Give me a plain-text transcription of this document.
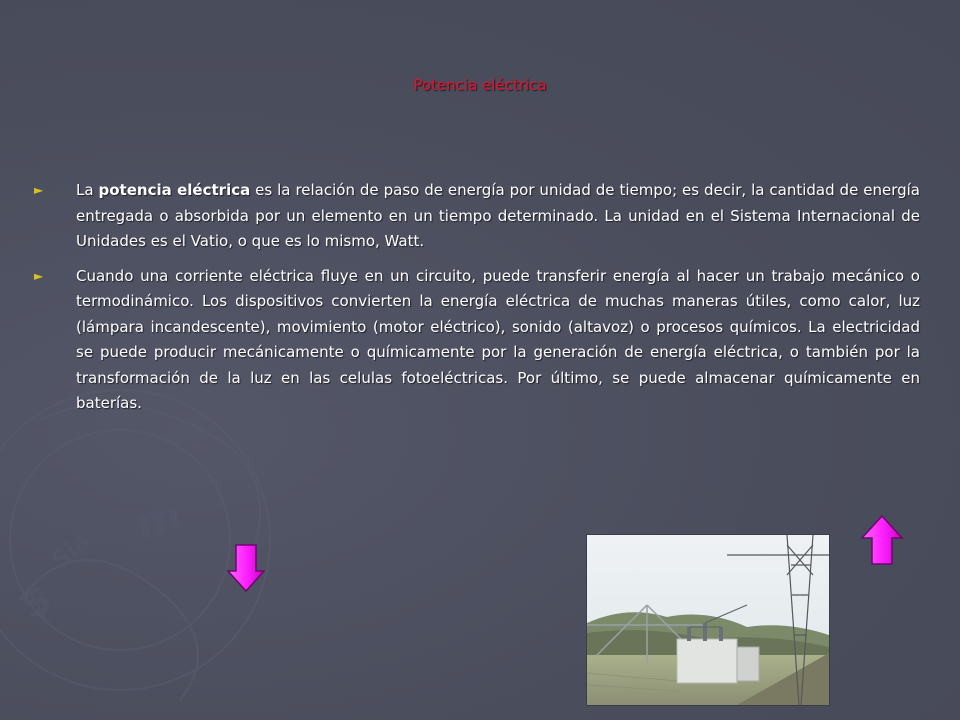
m
$
Sia
Potencia eléctrica
►	La potencia eléctrica es la relación de paso de energía por unidad de tiempo; es decir, la cantidad de energía entregada o absorbida por un elemento en un tiempo determinado. La unidad en el Sistema Internacional de Unidades es el Vatio, o que es lo mismo, Watt.
►	Cuando una corriente eléctrica fluye en un circuito, puede transferir energía al hacer un trabajo mecánico o termodinámico. Los dispositivos convierten la energía eléctrica de muchas maneras útiles, como calor, luz (lámpara incandescente), movimiento (motor eléctrico), sonido (altavoz) o procesos químicos. La electricidad se puede producir mecánicamente o químicamente por la generación de energía eléctrica, o también por la transformación de la luz en las celulas fotoeléctricas. Por último, se puede almacenar químicamente en baterías.
